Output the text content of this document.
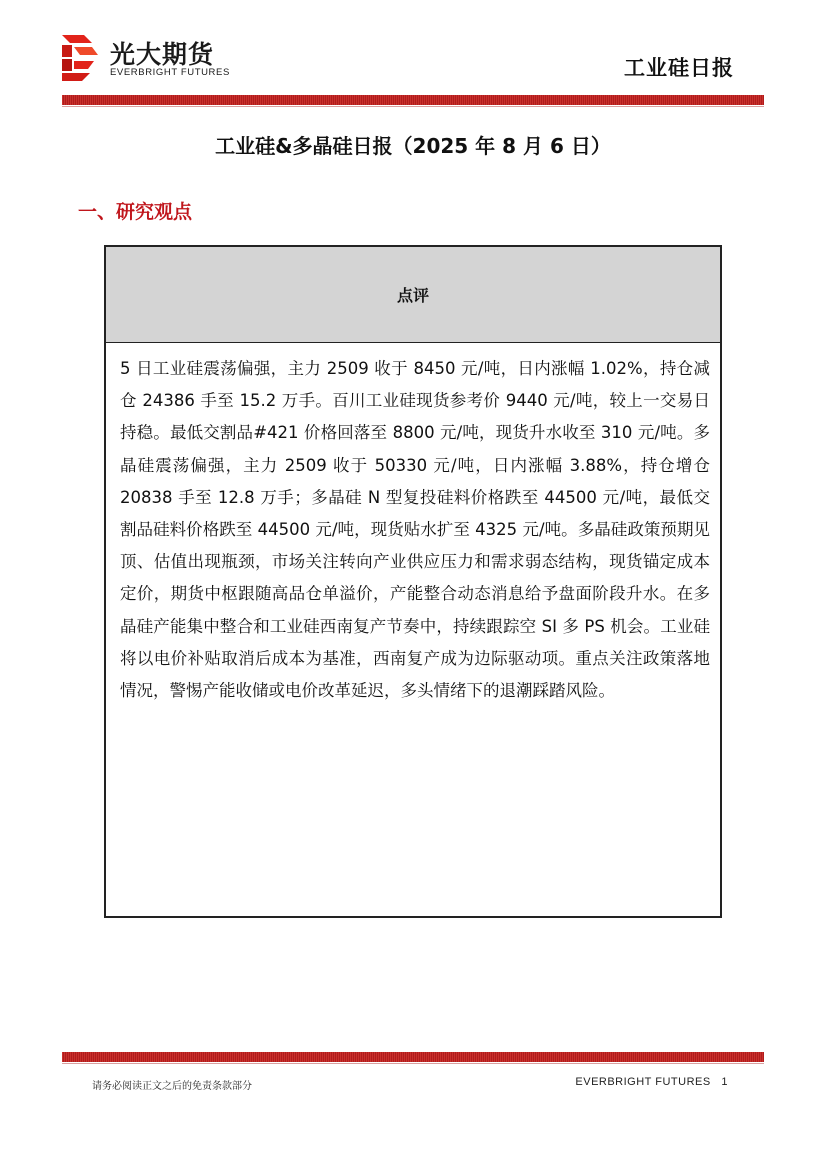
光大期货
EVERBRIGHT FUTURES	工业硅日报
工业硅&多晶硅日报（2025 年 8 月 6 日）
一、研究观点
点评
5 日工业硅震荡偏强，主力 2509 收于 8450 元/吨，日内涨幅 1.02%，持仓减仓 24386 手至 15.2 万手。百川工业硅现货参考价 9440 元/吨，较上一交易日持稳。最低交割品#421 价格回落至 8800 元/吨，现货升水收至 310 元/吨。多晶硅震荡偏强，主力 2509 收于 50330 元/吨，日内涨幅 3.88%，持仓增仓 20838 手至 12.8 万手；多晶硅 N 型复投硅料价格跌至 44500 元/吨，最低交割品硅料价格跌至 44500 元/吨，现货贴水扩至 4325 元/吨。多晶硅政策预期见顶、估值出现瓶颈，市场关注转向产业供应压力和需求弱态结构，现货锚定成本定价，期货中枢跟随高品仓单溢价，产能整合动态消息给予盘面阶段升水。在多晶硅产能集中整合和工业硅西南复产节奏中，持续跟踪空 SI 多 PS 机会。工业硅将以电价补贴取消后成本为基准，西南复产成为边际驱动项。重点关注政策落地情况，警惕产能收储或电价改革延迟，多头情绪下的退潮踩踏风险。
请务必阅读正文之后的免责条款部分	EVERBRIGHT FUTURES 1
